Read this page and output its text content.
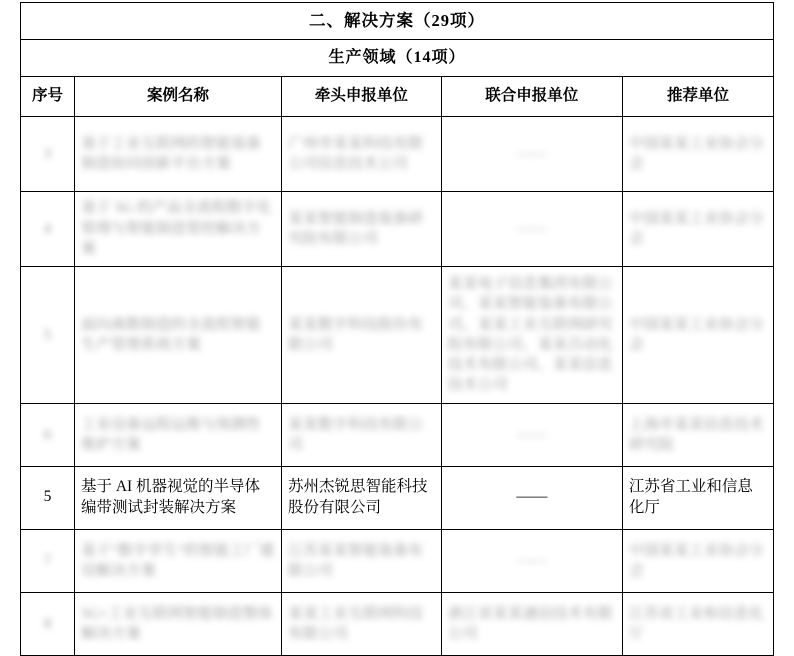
二、解决方案（29项）				
生产领域（14项）				
序号	案例名称	牵头申报单位	联合申报单位	推荐单位
3	基于工业互联网的智能装备制造协同创新平台方案	广州市某某科技有限公司信息技术公司	——	中国某某工业协会分会
4	基于 5G 的产品全流程数字化管理与智能制造管控解决方案	某某智能制造装备研究院有限公司	——	中国某某工业协会分会
5	面向离散制造的全流程智能生产管理系统方案	某某数字科技股份有限公司	某某电子信息集团有限公司、某某智能装备有限公司、某某工业互联网研究院有限公司、某某自动化技术有限公司、某某信息技术公司	中国某某工业协会分会
6	工业设备远程运维与预测性维护方案	某某数字科技有限公司	——	上海市某某信息技术研究院
5	基于 AI 机器视觉的半导体编带测试封装解决方案	苏州杰锐思智能科技股份有限公司	——	江苏省工业和信息化厅
7	基于“数字孪生”的智能工厂建设解决方案	江苏某某智能装备有限公司	——	中国某某工业协会分会
8	5G+工业互联网智能制造整体解决方案	某某工业互联网科技有限公司	浙江省某某通信技术有限公司	江苏省工业和信息化厅
